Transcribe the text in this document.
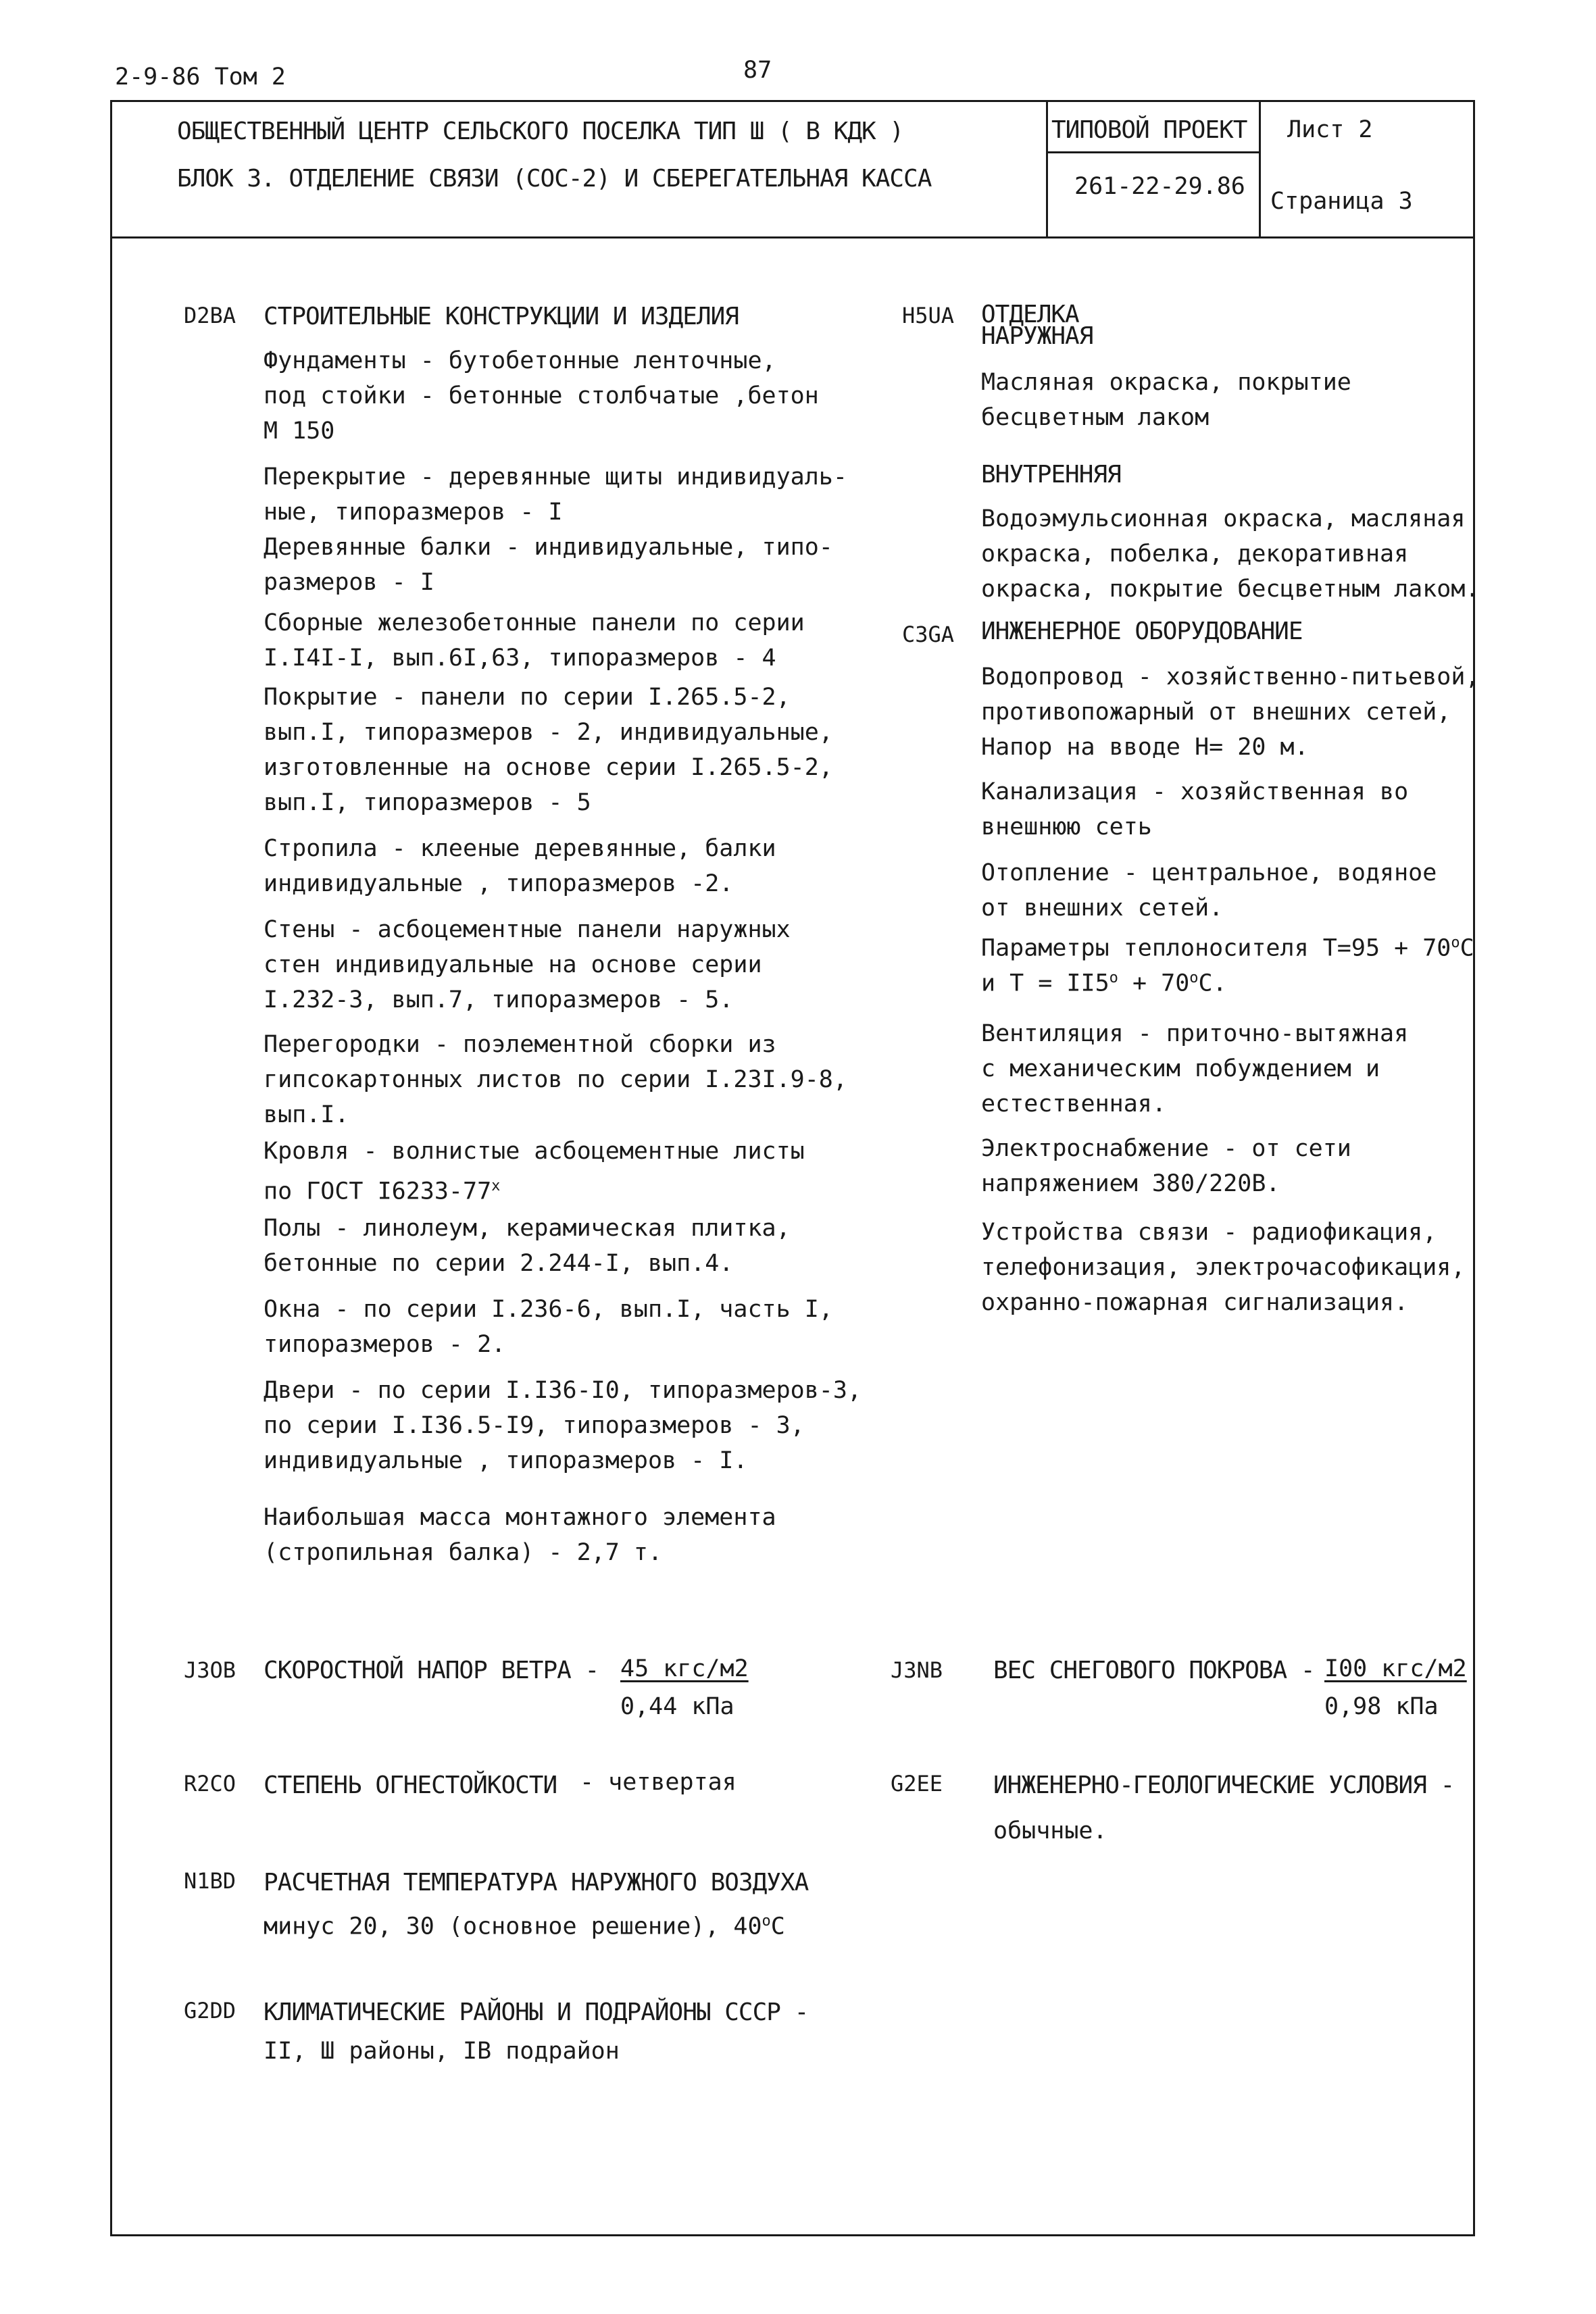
2-9-86 Том 2	87
ОБЩЕСТВЕННЫЙ ЦЕНТР СЕЛЬСКОГО ПОСЕЛКА ТИП Ш ( В КДК )
БЛОК 3. ОТДЕЛЕНИЕ СВЯЗИ (СОС-2) И СБЕРЕГАТЕЛЬНАЯ КАССА
ТИПОВОЙ ПРОЕКТ
261-22-29.86
Лист 2
Страница 3
D2BA СТРОИТЕЛЬНЫЕ КОНСТРУКЦИИ И ИЗДЕЛИЯ
Фундаменты - бутобетонные ленточные,
под стойки - бетонные столбчатые ,бетон
М 150
Перекрытие - деревянные щиты индивидуаль-
ные, типоразмеров - I
Деревянные балки - индивидуальные, типо-
размеров - I
Сборные железобетонные панели по серии
I.I4I-I, вып.6I,63, типоразмеров - 4
Покрытие - панели по серии I.265.5-2,
вып.I, типоразмеров - 2, индивидуальные,
изготовленные на основе серии I.265.5-2,
вып.I, типоразмеров - 5
Стропила - клееные деревянные, балки
индивидуальные , типоразмеров -2.
Стены - асбоцементные панели наружных
стен индивидуальные на основе серии
I.232-3, вып.7, типоразмеров - 5.
Перегородки - поэлементной сборки из
гипсокартонных листов по серии I.23I.9-8,
вып.I.
Кровля - волнистые асбоцементные листы
по ГОСТ I6233-77$^x$
Полы - линолеум, керамическая плитка,
бетонные по серии 2.244-I, вып.4.
Окна - по серии I.236-6, вып.I, часть I,
типоразмеров - 2.
Двери - по серии I.I36-I0, типоразмеров-3,
по серии I.I36.5-I9, типоразмеров - 3,
индивидуальные , типоразмеров - I.
Наибольшая масса монтажного элемента
(стропильная балка) - 2,7 т.
H5UA ОТДЕЛКА
НАРУЖНАЯ
Масляная окраска, покрытие
бесцветным лаком
ВНУТРЕННЯЯ
Водоэмульсионная окраска, масляная
окраска, побелка, декоративная
окраска, покрытие бесцветным лаком.
C3GA ИНЖЕНЕРНОЕ ОБОРУДОВАНИЕ
Водопровод - хозяйственно-питьевой,
противопожарный от внешних сетей,
Напор на вводе H= 20 м.
Канализация - хозяйственная во
внешнюю сеть
Отопление - центральное, водяное
от внешних сетей.
Параметры теплоносителя $Т=95 + 70^oC$
и $Т = II5^o + 70^oC$.
Вентиляция - приточно-вытяжная
с механическим побуждением и
естественная.
Электроснабжение - от сети
напряжением 380/220В.
Устройства связи - радиофикация,
телефонизация, электрочасофикация,
охранно-пожарная сигнализация.
J3OB СКОРОСТНОЙ НАПОР ВЕТРА - 45 кгс/м2
0,44 кПа
J3NB ВЕС СНЕГОВОГО ПОКРОВА - I00 кгс/м2
0,98 кПа
R2CO СТЕПЕНЬ ОГНЕСТОЙКОСТИ - четвертая	G2EE ИНЖЕНЕРНО-ГЕОЛОГИЧЕСКИЕ УСЛОВИЯ -
обычные.
N1BD РАСЧЕТНАЯ ТЕМПЕРАТУРА НАРУЖНОГО ВОЗДУХА
минус 20, 30 (основное решение), 40$^o$C
G2DD КЛИМАТИЧЕСКИЕ РАЙОНЫ И ПОДРАЙОНЫ СССР -
II, Ш районы, IB подрайон
